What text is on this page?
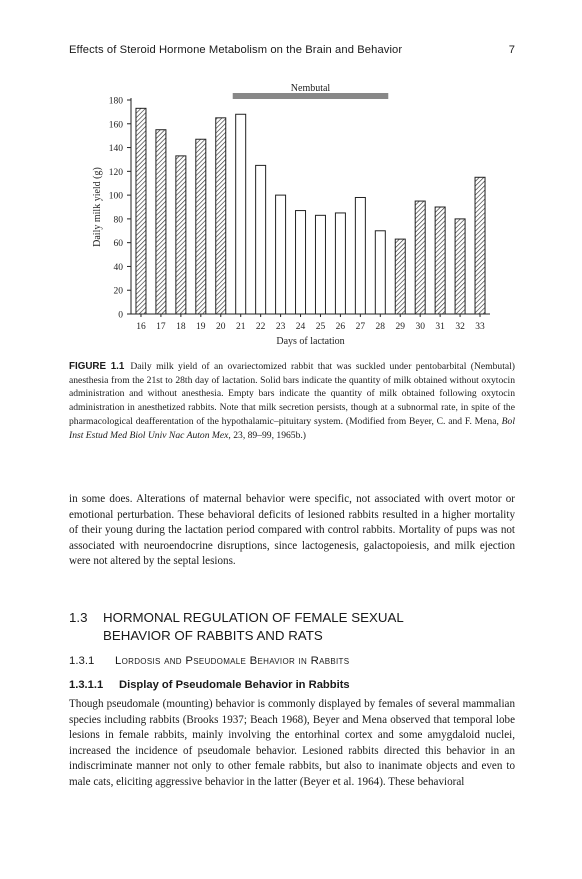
Effects of Steroid Hormone Metabolism on the Brain and Behavior	7
0
20
40
60
80
100
120
140
160
180
16 17 18 19 20 21 22 23 24 25 26 27 28 29 30 31 32 33
Days of lactation
Daily milk yield (g)
Nembutal
FIGURE 1.1 Daily milk yield of an ovariectomized rabbit that was suckled under pentobarbital (Nembutal) anesthesia from the 21st to 28th day of lactation. Solid bars indicate the quantity of milk obtained without oxytocin administration and without anesthesia. Empty bars indicate the quantity of milk obtained following oxytocin administration in anesthetized rabbits. Note that milk secretion persists, though at a subnormal rate, in spite of the pharmacological deafferentation of the hypothalamic–pituitary system. (Modified from Beyer, C. and F. Mena, Bol Inst Estud Med Biol Univ Nac Auton Mex, 23, 89–99, 1965b.)

in some does. Alterations of maternal behavior were specific, not associated with overt motor or emotional perturbation. These behavioral deficits of lesioned rabbits resulted in a higher mortality of their young during the lactation period compared with control rabbits. Mortality of pups was not associated with neuroendocrine disruptions, since lactogenesis, galactopoiesis, and milk ejection were not altered by the septal lesions.

1.3 HORMONAL REGULATION OF FEMALE SEXUAL
BEHAVIOR OF RABBITS AND RATS
1.3.1 Lordosis and Pseudomale Behavior in Rabbits
1.3.1.1 Display of Pseudomale Behavior in Rabbits

Though pseudomale (mounting) behavior is commonly displayed by females of several mammalian species including rabbits (Brooks 1937; Beach 1968), Beyer and Mena observed that temporal lobe lesions in female rabbits, mainly involving the entorhinal cortex and some amygdaloid nuclei, increased the incidence of pseudomale behavior. Lesioned rabbits directed this behavior in an indiscriminate manner not only to other female rabbits, but also to inanimate objects and even to male cats, eliciting aggressive behavior in the latter (Beyer et al. 1964). These behavioral
